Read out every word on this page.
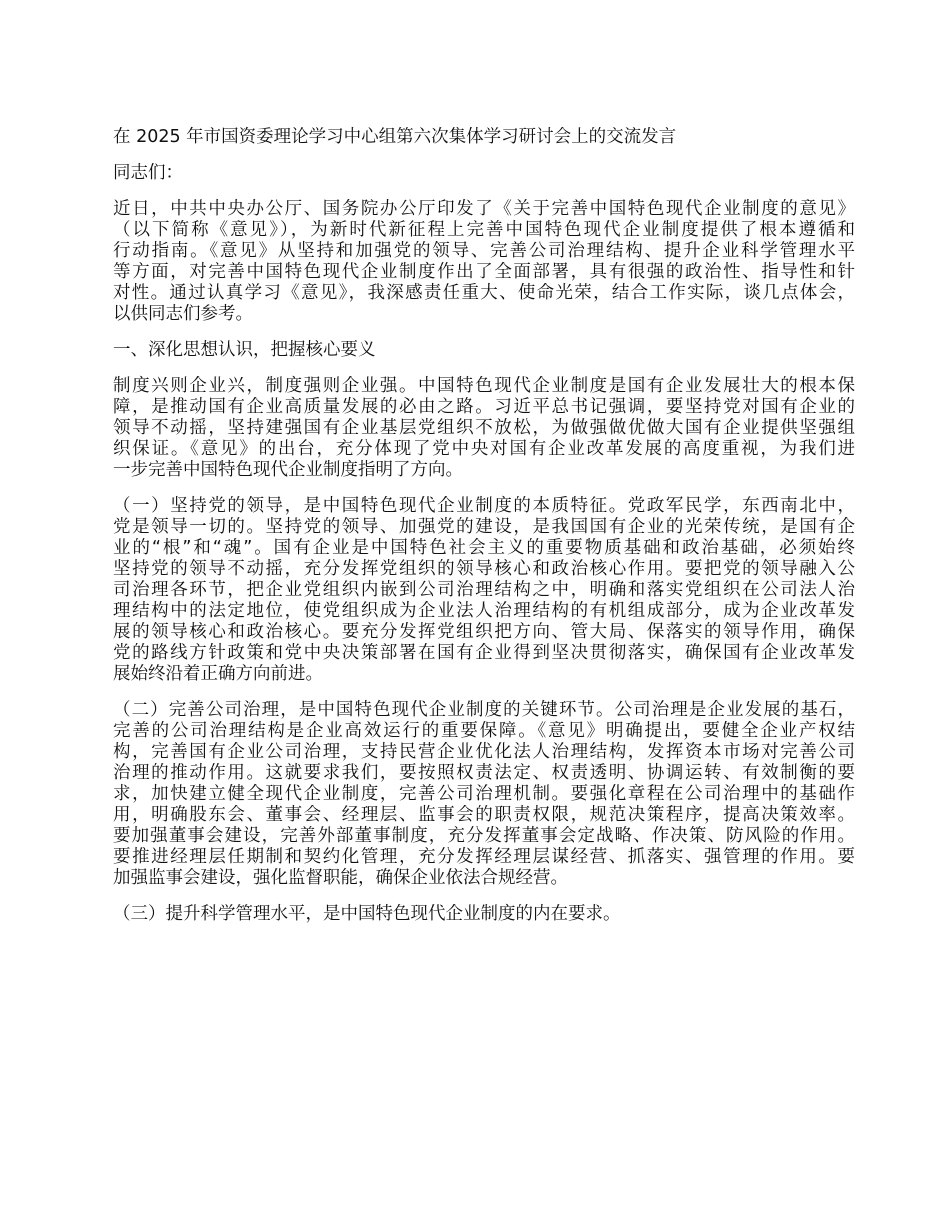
在 2025 年市国资委理论学习中心组第六次集体学习研讨会上的交流发言
同志们：
近日，中共中央办公厅、国务院办公厅印发了《关于完善中国特色现代企业制度的意见》
（以下简称《意见》），为新时代新征程上完善中国特色现代企业制度提供了根本遵循和
行动指南。《意见》从坚持和加强党的领导、完善公司治理结构、提升企业科学管理水平
等方面，对完善中国特色现代企业制度作出了全面部署，具有很强的政治性、指导性和针
对性。通过认真学习《意见》，我深感责任重大、使命光荣，结合工作实际，谈几点体会，
以供同志们参考。
一、深化思想认识，把握核心要义
制度兴则企业兴，制度强则企业强。中国特色现代企业制度是国有企业发展壮大的根本保
障，是推动国有企业高质量发展的必由之路。习近平总书记强调，要坚持党对国有企业的
领导不动摇，坚持建强国有企业基层党组织不放松，为做强做优做大国有企业提供坚强组
织保证。《意见》的出台，充分体现了党中央对国有企业改革发展的高度重视，为我们进
一步完善中国特色现代企业制度指明了方向。
（一）坚持党的领导，是中国特色现代企业制度的本质特征。党政军民学，东西南北中，
党是领导一切的。坚持党的领导、加强党的建设，是我国国有企业的光荣传统，是国有企
业的“根”和“魂”。国有企业是中国特色社会主义的重要物质基础和政治基础，必须始终
坚持党的领导不动摇，充分发挥党组织的领导核心和政治核心作用。要把党的领导融入公
司治理各环节，把企业党组织内嵌到公司治理结构之中，明确和落实党组织在公司法人治
理结构中的法定地位，使党组织成为企业法人治理结构的有机组成部分，成为企业改革发
展的领导核心和政治核心。要充分发挥党组织把方向、管大局、保落实的领导作用，确保
党的路线方针政策和党中央决策部署在国有企业得到坚决贯彻落实，确保国有企业改革发
展始终沿着正确方向前进。
（二）完善公司治理，是中国特色现代企业制度的关键环节。公司治理是企业发展的基石，
完善的公司治理结构是企业高效运行的重要保障。《意见》明确提出，要健全企业产权结
构，完善国有企业公司治理，支持民营企业优化法人治理结构，发挥资本市场对完善公司
治理的推动作用。这就要求我们，要按照权责法定、权责透明、协调运转、有效制衡的要
求，加快建立健全现代企业制度，完善公司治理机制。要强化章程在公司治理中的基础作
用，明确股东会、董事会、经理层、监事会的职责权限，规范决策程序，提高决策效率。
要加强董事会建设，完善外部董事制度，充分发挥董事会定战略、作决策、防风险的作用。
要推进经理层任期制和契约化管理，充分发挥经理层谋经营、抓落实、强管理的作用。要
加强监事会建设，强化监督职能，确保企业依法合规经营。
（三）提升科学管理水平，是中国特色现代企业制度的内在要求。
